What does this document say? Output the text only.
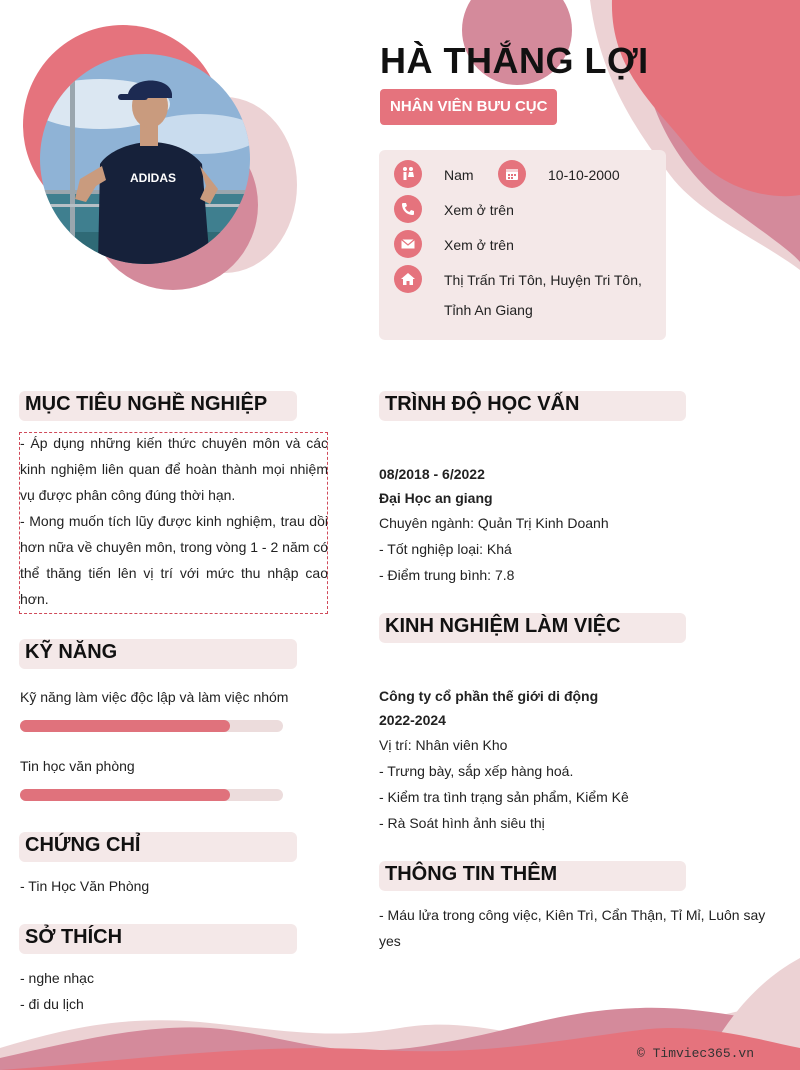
ADIDAS
HÀ THẮNG LỢI
NHÂN VIÊN BƯU CỤC
Nam	10-10-2000
Xem ở trên
Xem ở trên
Thị Trấn Tri Tôn, Huyện Tri Tôn,
Tỉnh An Giang
MỤC TIÊU NGHỀ NGHIỆP
- Áp dụng những kiến thức chuyên môn và các
kinh nghiệm liên quan để hoàn thành mọi nhiệm
vụ được phân công đúng thời hạn.
- Mong muốn tích lũy được kinh nghiệm, trau dồi
hơn nữa về chuyên môn, trong vòng 1 - 2 năm có
thể thăng tiến lên vị trí với mức thu nhập cao
hơn.
KỸ NĂNG
Kỹ năng làm việc độc lập và làm việc nhóm
Tin học văn phòng
CHỨNG CHỈ
- Tin Học Văn Phòng
SỞ THÍCH
- nghe nhạc
- đi du lịch
TRÌNH ĐỘ HỌC VẤN
08/2018 - 6/2022
Đại Học an giang
Chuyên ngành: Quản Trị Kinh Doanh
- Tốt nghiệp loại: Khá
- Điểm trung bình: 7.8
KINH NGHIỆM LÀM VIỆC
Công ty cổ phần thế giới di động
2022-2024
Vị trí: Nhân viên Kho
- Trưng bày, sắp xếp hàng hoá.
- Kiểm tra tình trạng sản phẩm, Kiểm Kê
- Rà Soát hình ảnh siêu thị
THÔNG TIN THÊM
- Máu lửa trong công việc, Kiên Trì, Cẩn Thận, Tỉ Mỉ, Luôn say
yes
© Timviec365.vn
